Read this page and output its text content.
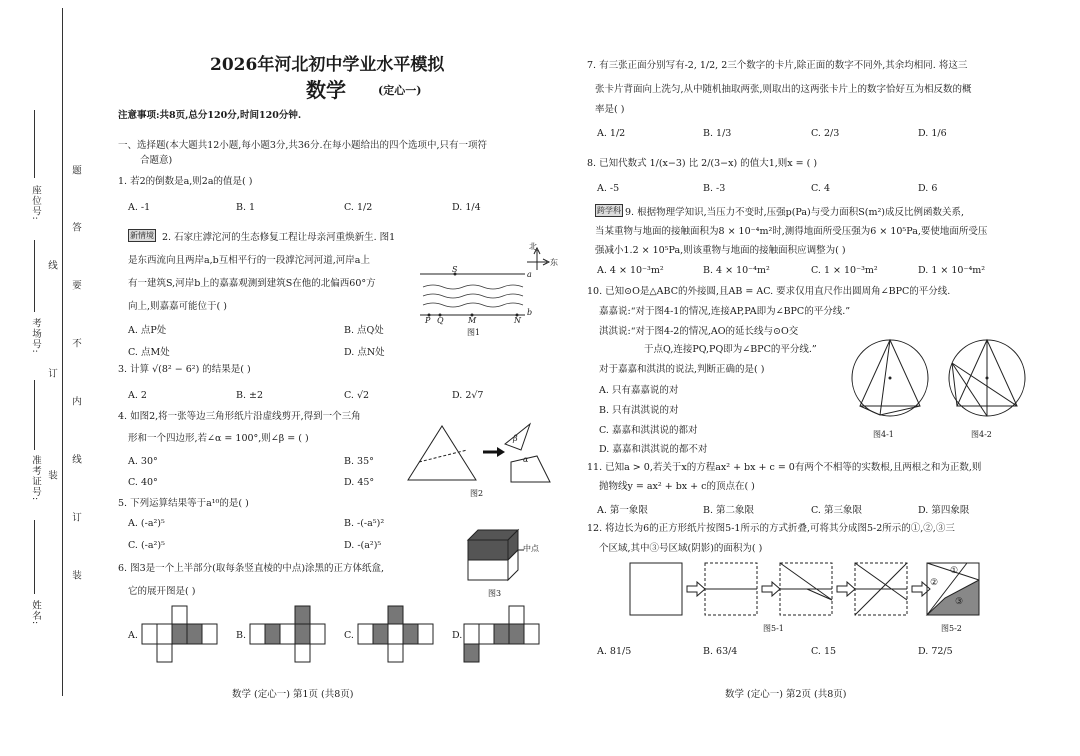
座位号:
考场号:
准考证号:
姓名:
题
答
要
不
内
线
订
装
线
订
装
2026年河北初中学业水平模拟
数学	(定心一)
注意事项:共8页,总分120分,时间120分钟.
一、选择题(本大题共12小题,每小题3分,共36分.在每小题给出的四个选项中,只有一项符
合题意)
1. 若2的倒数是a,则2a的值是( )
A. -1	B. 1	C. 1/2	D. 1/4
新情境 2. 石家庄滹沱河的生态修复工程让母亲河重焕新生. 图1
是东西流向且两岸a,b互相平行的一段滹沱河河道,河岸a上
有一建筑S,河岸b上的嘉嘉观测到建筑S在他的北偏西60°方
向上,则嘉嘉可能位于( )
A. 点P处	B. 点Q处
C. 点M处	D. 点N处
北
东
S
a
P Q	M	N
b
图1
3. 计算 √(8² − 6²) 的结果是( )
A. 2	B. ±2	C. √2	D. 2√7
4. 如图2,将一张等边三角形纸片沿虚线剪开,得到一个三角
形和一个四边形,若∠α = 100°,则∠β = ( )
A. 30°	B. 35°
C. 40°	D. 45°
β
α
图2
5. 下列运算结果等于a¹⁰的是( )
A. (-a²)⁵	B. -(-a⁵)²
C. (-a²)⁵	D. -(a²)⁵	中点
图3
6. 图3是一个上半部分(取每条竖直棱的中点)涂黑的正方体纸盒,
它的展开图是( )
A.	B.	C.	D.
数学 (定心一) 第1页 (共8页)
7. 有三张正面分别写有-2, 1/2, 2三个数字的卡片,除正面的数字不同外,其余均相同. 将这三
张卡片背面向上洗匀,从中随机抽取两张,则取出的这两张卡片上的数字恰好互为相反数的概
率是( )
A. 1/2	B. 1/3	C. 2/3	D. 1/6
8. 已知代数式 1/(x−3) 比 2/(3−x) 的值大1,则x = ( )
A. -5	B. -3	C. 4	D. 6
跨学科 9. 根据物理学知识,当压力不变时,压强p(Pa)与受力面积S(m²)成反比例函数关系,
当某重物与地面的接触面积为8 × 10⁻⁴m²时,测得地面所受压强为6 × 10⁵Pa,要使地面所受压
强减小1.2 × 10⁵Pa,则该重物与地面的接触面积应调整为( )
A. 4 × 10⁻³m²	B. 4 × 10⁻⁴m²	C. 1 × 10⁻³m²	D. 1 × 10⁻⁴m²
10. 已知⊙O是△ABC的外接圆,且AB = AC. 要求仅用直尺作出圆周角∠BPC的平分线.
嘉嘉说:“对于图4-1的情况,连接AP,PA即为∠BPC的平分线.”
淇淇说:“对于图4-2的情况,AO的延长线与⊙O交
于点Q,连接PQ,PQ即为∠BPC的平分线.”
对于嘉嘉和淇淇的说法,判断正确的是( )
A. 只有嘉嘉说的对
B. 只有淇淇说的对
C. 嘉嘉和淇淇说的都对
D. 嘉嘉和淇淇说的都不对
图4-1	图4-2
11. 已知a > 0,若关于x的方程ax² + bx + c = 0有两个不相等的实数根,且两根之和为正数,则
抛物线y = ax² + bx + c的顶点在( )
A. 第一象限	B. 第二象限	C. 第三象限	D. 第四象限
12. 将边长为6的正方形纸片按图5-1所示的方式折叠,可将其分成图5-2所示的①,②,③三
个区域,其中③号区域(阴影)的面积为( )
①
②
③
图5-1	图5-2
A. 81/5	B. 63/4	C. 15	D. 72/5
数学 (定心一) 第2页 (共8页)
